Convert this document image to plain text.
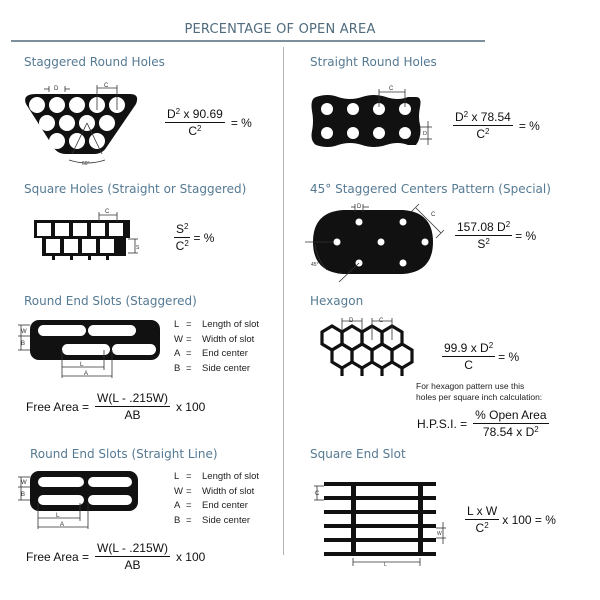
PERCENTAGE OF OPEN AREA
Staggered Round Holes
D	C
60°
$\frac{D^2 x 90.69}{C^2}$ = %
Straight Round Holes
C
D $\frac{D^2 x 78.54}{C^2}$ = %
Square Holes (Straight or Staggered)
C
S	$\frac{S^2}{C^2}$ = %
45° Staggered Centers Pattern (Special)
D
C
45°
$\frac{157.08 D^2}{S^2}$ = %
Round End Slots (Staggered)
W
B
L
A
L =	Length of slot
W =	Width of slot
A =	End center
B =	Side center
Free Area = $\frac{W(L - .215W)}{AB}$ x 100
Hexagon
D	C
$\frac{99.9 x D^2}{C}$ = %
For hexagon pattern use this
holes per square inch calculation:
H.P.S.I. = $\frac{\text{\% Open Area}}{78.54 x D^2}$
Round End Slots (Straight Line)
W
B
L
A
L =	Length of slot
W =	Width of slot
A =	End center
B =	Side center
Free Area = $\frac{W(L - .215W)}{AB}$ x 100
Square End Slot
C
W
L
$\frac{\text{L x W}}{C^2}$ x 100 = %
